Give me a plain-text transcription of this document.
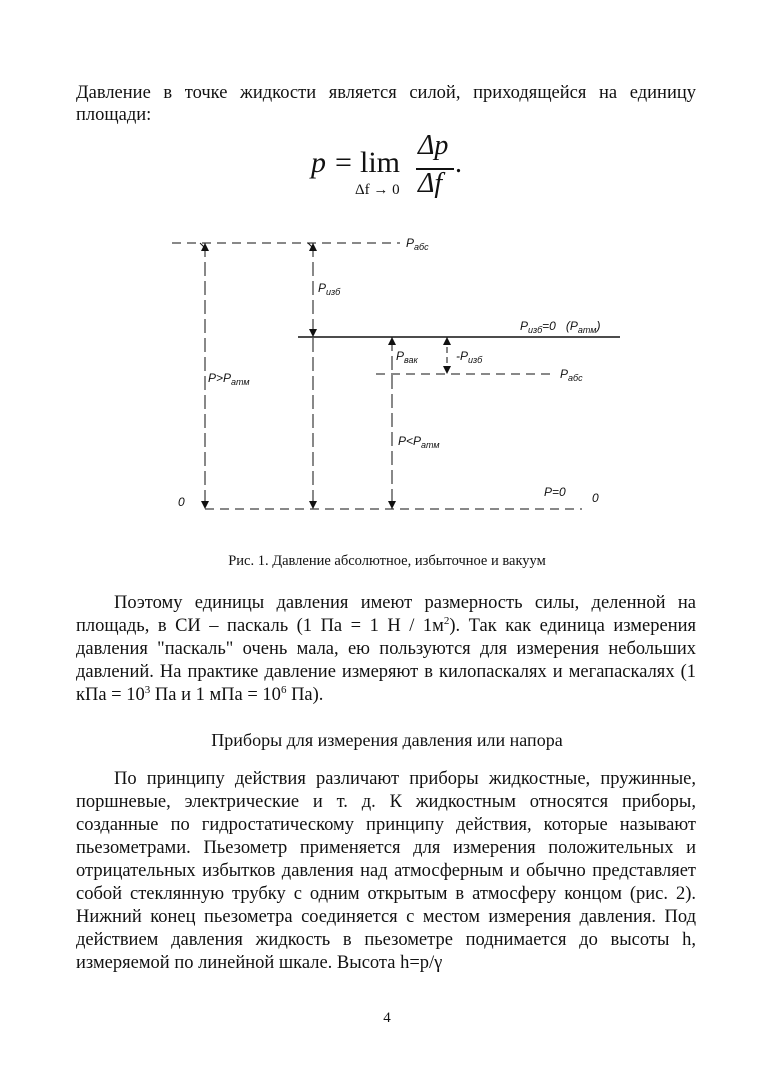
Давление в точке жидкости является силой, приходящейся на единицу площади:

p = lim
Δf → 0
Δp
Δf
.
$P_{абс}$
$P_{изб}$
$P_{изб}=0$ $(P_{атм})$
$P_{вак}$	$-P_{изб}$
$P_{абс}$
$P>P_{атм}$
$P<P_{атм}$
0
P=0 0
Рис. 1. Давление абсолютное, избыточное и вакуум

Поэтому единицы давления имеют размерность силы, деленной на площадь, в СИ – паскаль (1 Па = 1 Н / $1м^2$). Так как единица измерения давления "паскаль" очень мала, ею пользуются для измерения небольших давлений. На практике давление измеряют в килопаскалях и мегапаскалях (1 кПа = $10^3$ Па и 1 мПа = $10^6$ Па).

Приборы для измерения давления или напора

По принципу действия различают приборы жидкостные, пружинные, поршневые, электрические и т. д. К жидкостным относятся приборы, созданные по гидростатическому принципу действия, которые называют пьезометрами. Пьезометр применяется для измерения положительных и отрицательных избытков давления над атмосферным и обычно представляет собой стеклянную трубку с одним открытым в атмосферу концом (рис. 2). Нижний конец пьезометра соединяется с местом измерения давления. Под действием давления жидкость в пьезометре поднимается до высоты h, измеряемой по линейной шкале. Высота h=p/γ

4
